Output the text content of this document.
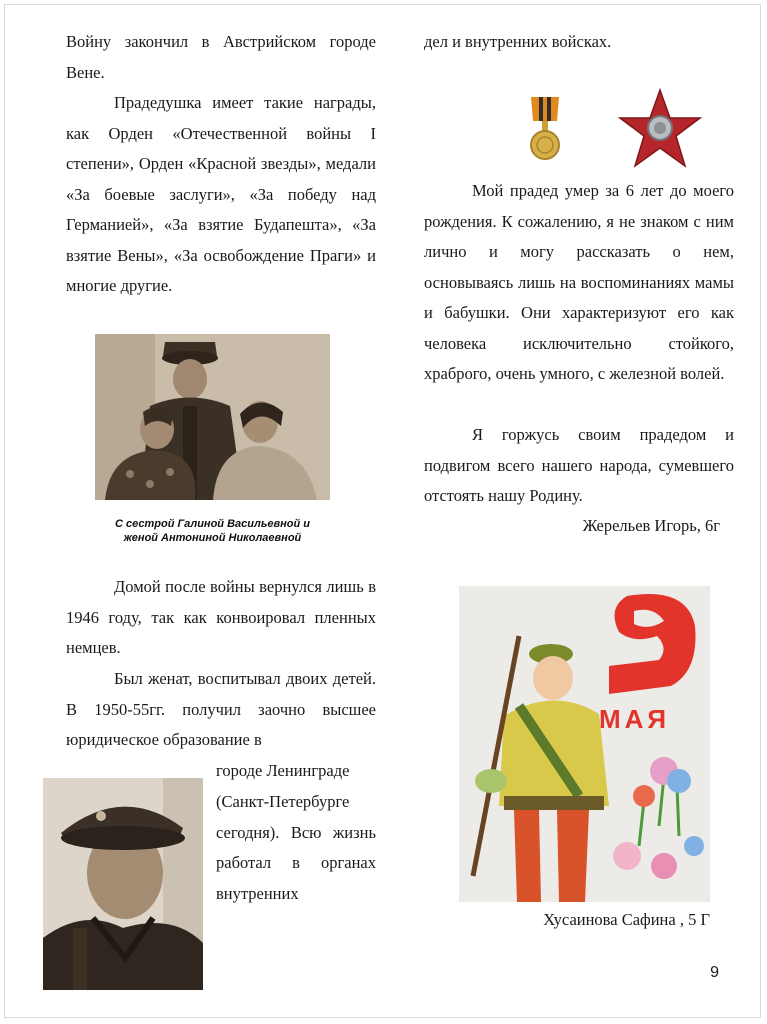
Войну закончил в Австрийском городе Вене.

Прадедушка имеет такие награды, как Орден «Отечественной войны I степени», Орден «Красной звезды», медали «За боевые заслуги», «За победу над Германией», «За взятие Будапешта», «За взятие Вены», «За освобождение Праги» и многие другие.

С сестрой Галиной Васильевной и
женой Антониной Николаевной

Домой после войны вернулся лишь в 1946 году, так как конвоировал пленных немцев.

Был женат, воспитывал двоих детей. В 1950-55гг. получил заочно высшее юридическое образование в

городе Ленинграде

(Санкт-Петербурге сегодня). Всю жизнь работал в органах внутренних

дел и внутренних войсках.

Мой прадед умер за 6 лет до моего рождения. К сожалению, я не знаком с ним лично и могу рассказать о нем, основываясь лишь на воспоминаниях мамы и бабушки. Они характеризуют его как человека исключительно стойкого, храброго, очень умного, с железной волей.

Я горжусь своим прадедом и подвигом всего нашего народа, сумевшего отстоять нашу Родину.

Жерельев Игорь, 6г

МАЯ

Хусаинова Сафина , 5 Г

9
